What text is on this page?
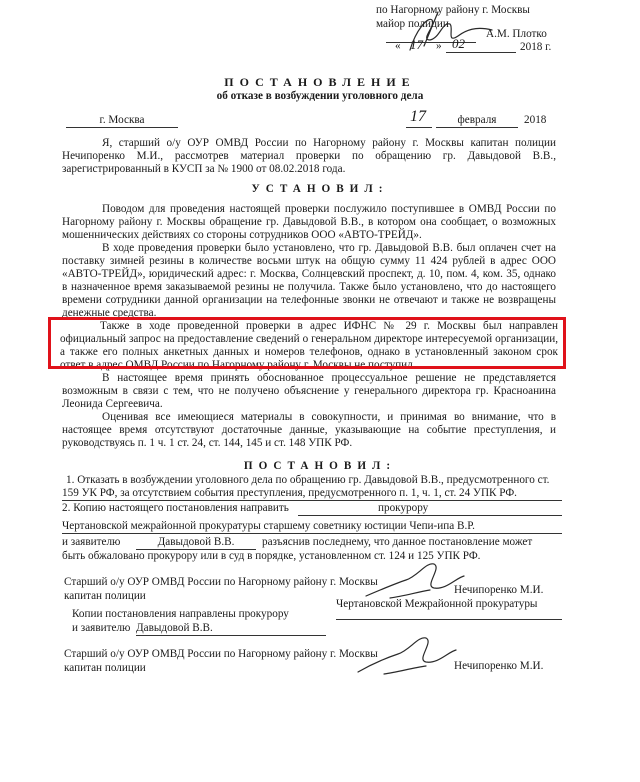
по Нагорному району г. Москвы
майор полиции
А.М. Плотко
« 17 » 02	2018 г.
ПОСТАНОВЛЕНИЕ
об отказе в возбуждении уголовного дела
г. Москва	17	февраля	2018
Я, старший о/у ОУР ОМВД России по Нагорному району г. Москвы капитан полиции Нечипоренко М.И., рассмотрев материал проверки по обращению гр. Давыдовой В.В., зарегистрированный в КУСП за № 1900 от 08.02.2018 года.
УСТАНОВИЛ:
Поводом для проведения настоящей проверки послужило поступившее в ОМВД России по Нагорному району г. Москвы обращение гр. Давыдовой В.В., в котором она сообщает, о возможных мошеннических действиях со стороны сотрудников ООО «АВТО-ТРЕЙД».
В ходе проведения проверки было установлено, что гр. Давыдовой В.В. был оплачен счет на поставку зимней резины в количестве восьми штук на общую сумму 11 424 рублей в адрес ООО «АВТО-ТРЕЙД», юридический адрес: г. Москва, Солнцевский проспект, д. 10, пом. 4, ком. 35, однако в назначенное время заказываемой резины не получила. Также было установлено, что до настоящего времени сотрудники данной организации на телефонные звонки не отвечают и также не возвращены денежные средства.
Также в ходе проведенной проверки в адрес ИФНС № 29 г. Москвы был направлен официальный запрос на предоставление сведений о генеральном директоре интересуемой организации, а также его полных анкетных данных и номеров телефонов, однако в установленный законом срок ответ в адрес ОМВД России по Нагорному району г. Москвы не поступил.
В настоящее время принять обоснованное процессуальное решение не представляется возможным в связи с тем, что не получено объяснение у генерального директора гр. Красноанина Леонида Сергеевича.
Оценивая все имеющиеся материалы в совокупности, и принимая во внимание, что в настоящее время отсутствуют достаточные данные, указывающие на событие преступления, и руководствуясь п. 1 ч. 1 ст. 24, ст. 144, 145 и ст. 148 УПК РФ.
ПОСТАНОВИЛ:
1. Отказать в возбуждении уголовного дела по обращению гр. Давыдовой В.В., предусмотренного ст.
159 УК РФ, за отсутствием события преступления, предусмотренного п. 1, ч. 1, ст. 24 УПК РФ.
2. Копию настоящего постановления направить	прокурору
Чертановской межрайонной прокуратуры старшему советнику юстиции Чепи-ипа В.Р.
и заявителю	Давыдовой В.В.	разъяснив последнему, что данное постановление может
быть обжаловано прокурору или в суд в порядке, установленном ст. 124 и 125 УПК РФ.
Старший о/у ОУР ОМВД России по Нагорному району г. Москвы
капитан полиции	Нечипоренко М.И.
Чертановской Межрайонной прокуратуры
Копии постановления направлены прокурору
и заявителю Давыдовой В.В.
Старший о/у ОУР ОМВД России по Нагорному району г. Москвы
капитан полиции	Нечипоренко М.И.
